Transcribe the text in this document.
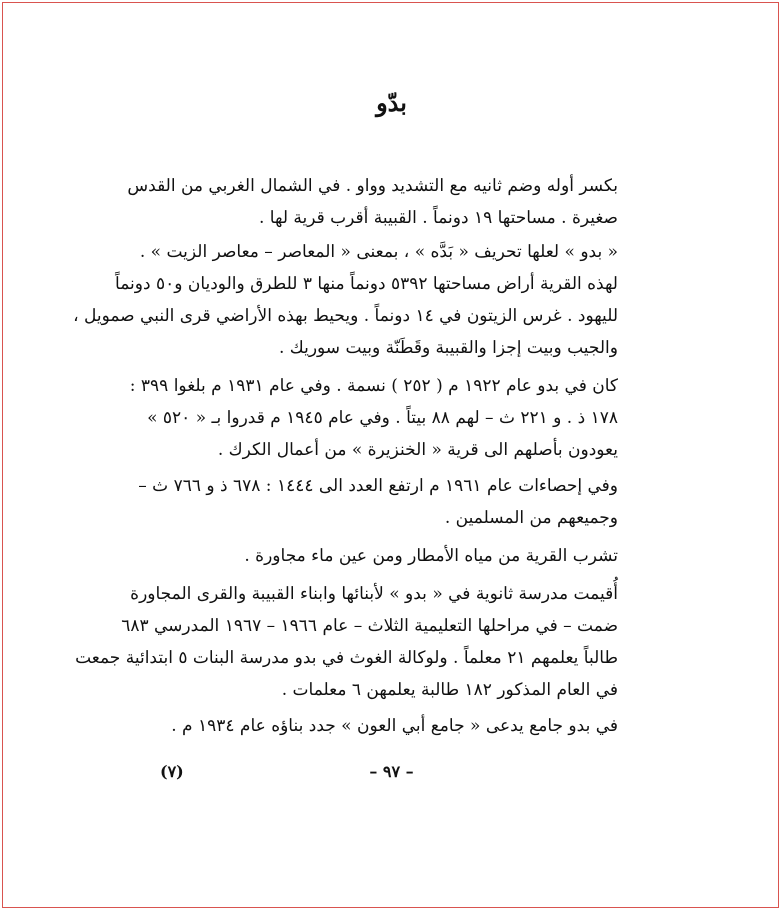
بدّو
بكسر أوله وضم ثانيه مع التشديد وواو . في الشمال الغربي من القدس
صغيرة . مساحتها ١٩ دونماً . القبيبة أقرب قرية لها .
« بدو » لعلها تحريف « بَدَّه » ، بمعنى « المعاصر – معاصر الزيت » .
لهذه القرية أراض مساحتها ٥٣٩٢ دونماً منها ٣ للطرق والوديان و٥٠ دونماً
لليهود . غرس الزيتون في ١٤ دونماً . ويحيط بهذه الأراضي قرى النبي صمويل ،
والجيب وبيت إجزا والقبيبة وقَطَنّة وبيت سوريك .
كان في بدو عام ١٩٢٢ م ( ٢٥٢ ) نسمة . وفي عام ١٩٣١ م بلغوا ٣٩٩ :
١٧٨ ذ . و ٢٢١ ث – لهم ٨٨ بيتاً . وفي عام ١٩٤٥ م قدروا بـ « ٥٢٠ »
يعودون بأصلهم الى قرية « الخنزيرة » من أعمال الكرك .
وفي إحصاءات عام ١٩٦١ م ارتفع العدد الى ١٤٤٤ : ٦٧٨ ذ و ٧٦٦ ث –
وجميعهم من المسلمين .
تشرب القرية من مياه الأمطار ومن عين ماء مجاورة .
أُقيمت مدرسة ثانوية في « بدو » لأبنائها وابناء القبيبة والقرى المجاورة
ضمت – في مراحلها التعليمية الثلاث – عام ١٩٦٦ – ١٩٦٧ المدرسي ٦٨٣
طالباً يعلمهم ٢١ معلماً . ولوكالة الغوث في بدو مدرسة البنات ٥ ابتدائية جمعت
في العام المذكور ١٨٢ طالبة يعلمهن ٦ معلمات .
في بدو جامع يدعى « جامع أبي العون » جدد بناؤه عام ١٩٣٤ م .
– ٩٧ –
(٧)
